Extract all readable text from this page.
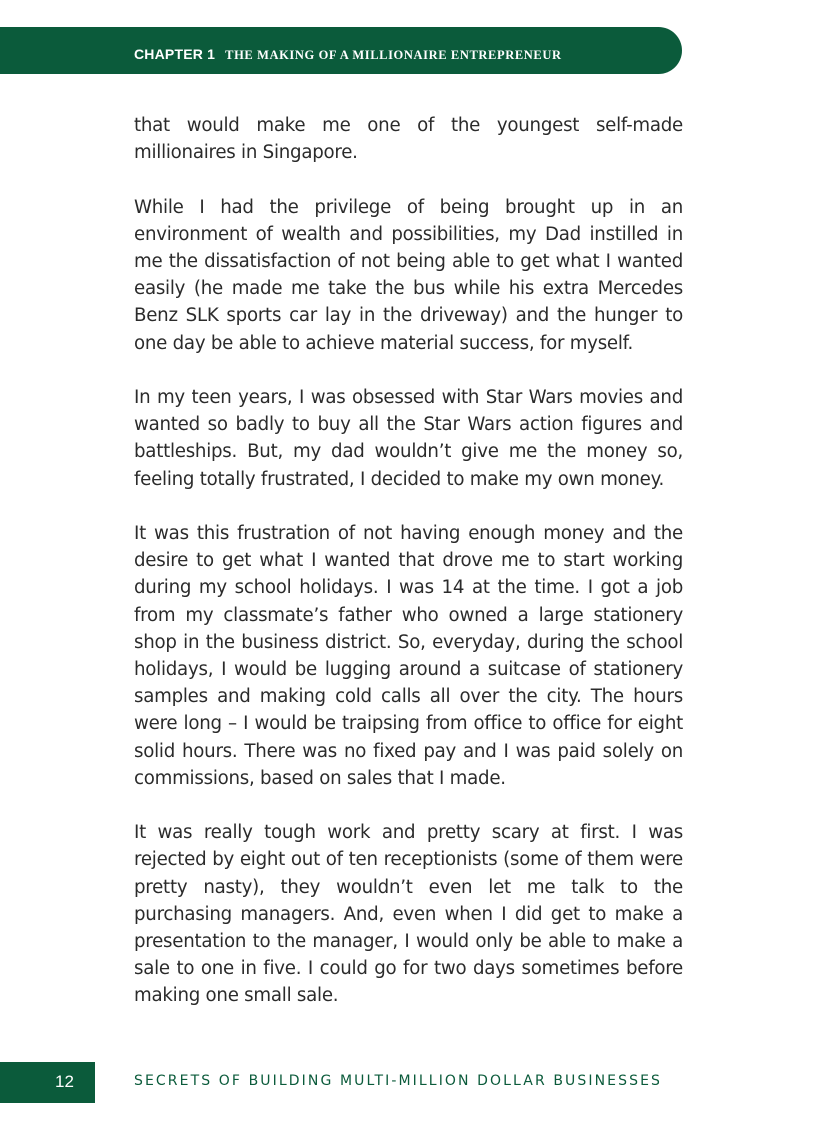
CHAPTER 1 THE MAKING OF A MILLIONAIRE ENTREPRENEUR

that would make me one of the youngest self-made millionaires in Singapore.

While I had the privilege of being brought up in an environment of wealth and possibilities, my Dad instilled in me the dissatisfaction of not being able to get what I wanted easily (he made me take the bus while his extra Mercedes Benz SLK sports car lay in the driveway) and the hunger to one day be able to achieve material success, for myself.

In my teen years, I was obsessed with Star Wars movies and wanted so badly to buy all the Star Wars action figures and battleships. But, my dad wouldn’t give me the money so, feeling totally frustrated, I decided to make my own money.

It was this frustration of not having enough money and the desire to get what I wanted that drove me to start working during my school holidays. I was 14 at the time. I got a job from my classmate’s father who owned a large stationery shop in the business district. So, everyday, during the school holidays, I would be lugging around a suitcase of stationery samples and making cold calls all over the city. The hours were long – I would be traipsing from office to office for eight solid hours. There was no fixed pay and I was paid solely on commissions, based on sales that I made.

It was really tough work and pretty scary at first. I was rejected by eight out of ten receptionists (some of them were pretty nasty), they wouldn’t even let me talk to the purchasing managers. And, even when I did get to make a presentation to the manager, I would only be able to make a sale to one in five. I could go for two days sometimes before making one small sale.

12	SECRETS OF BUILDING MULTI-MILLION DOLLAR BUSINESSES
